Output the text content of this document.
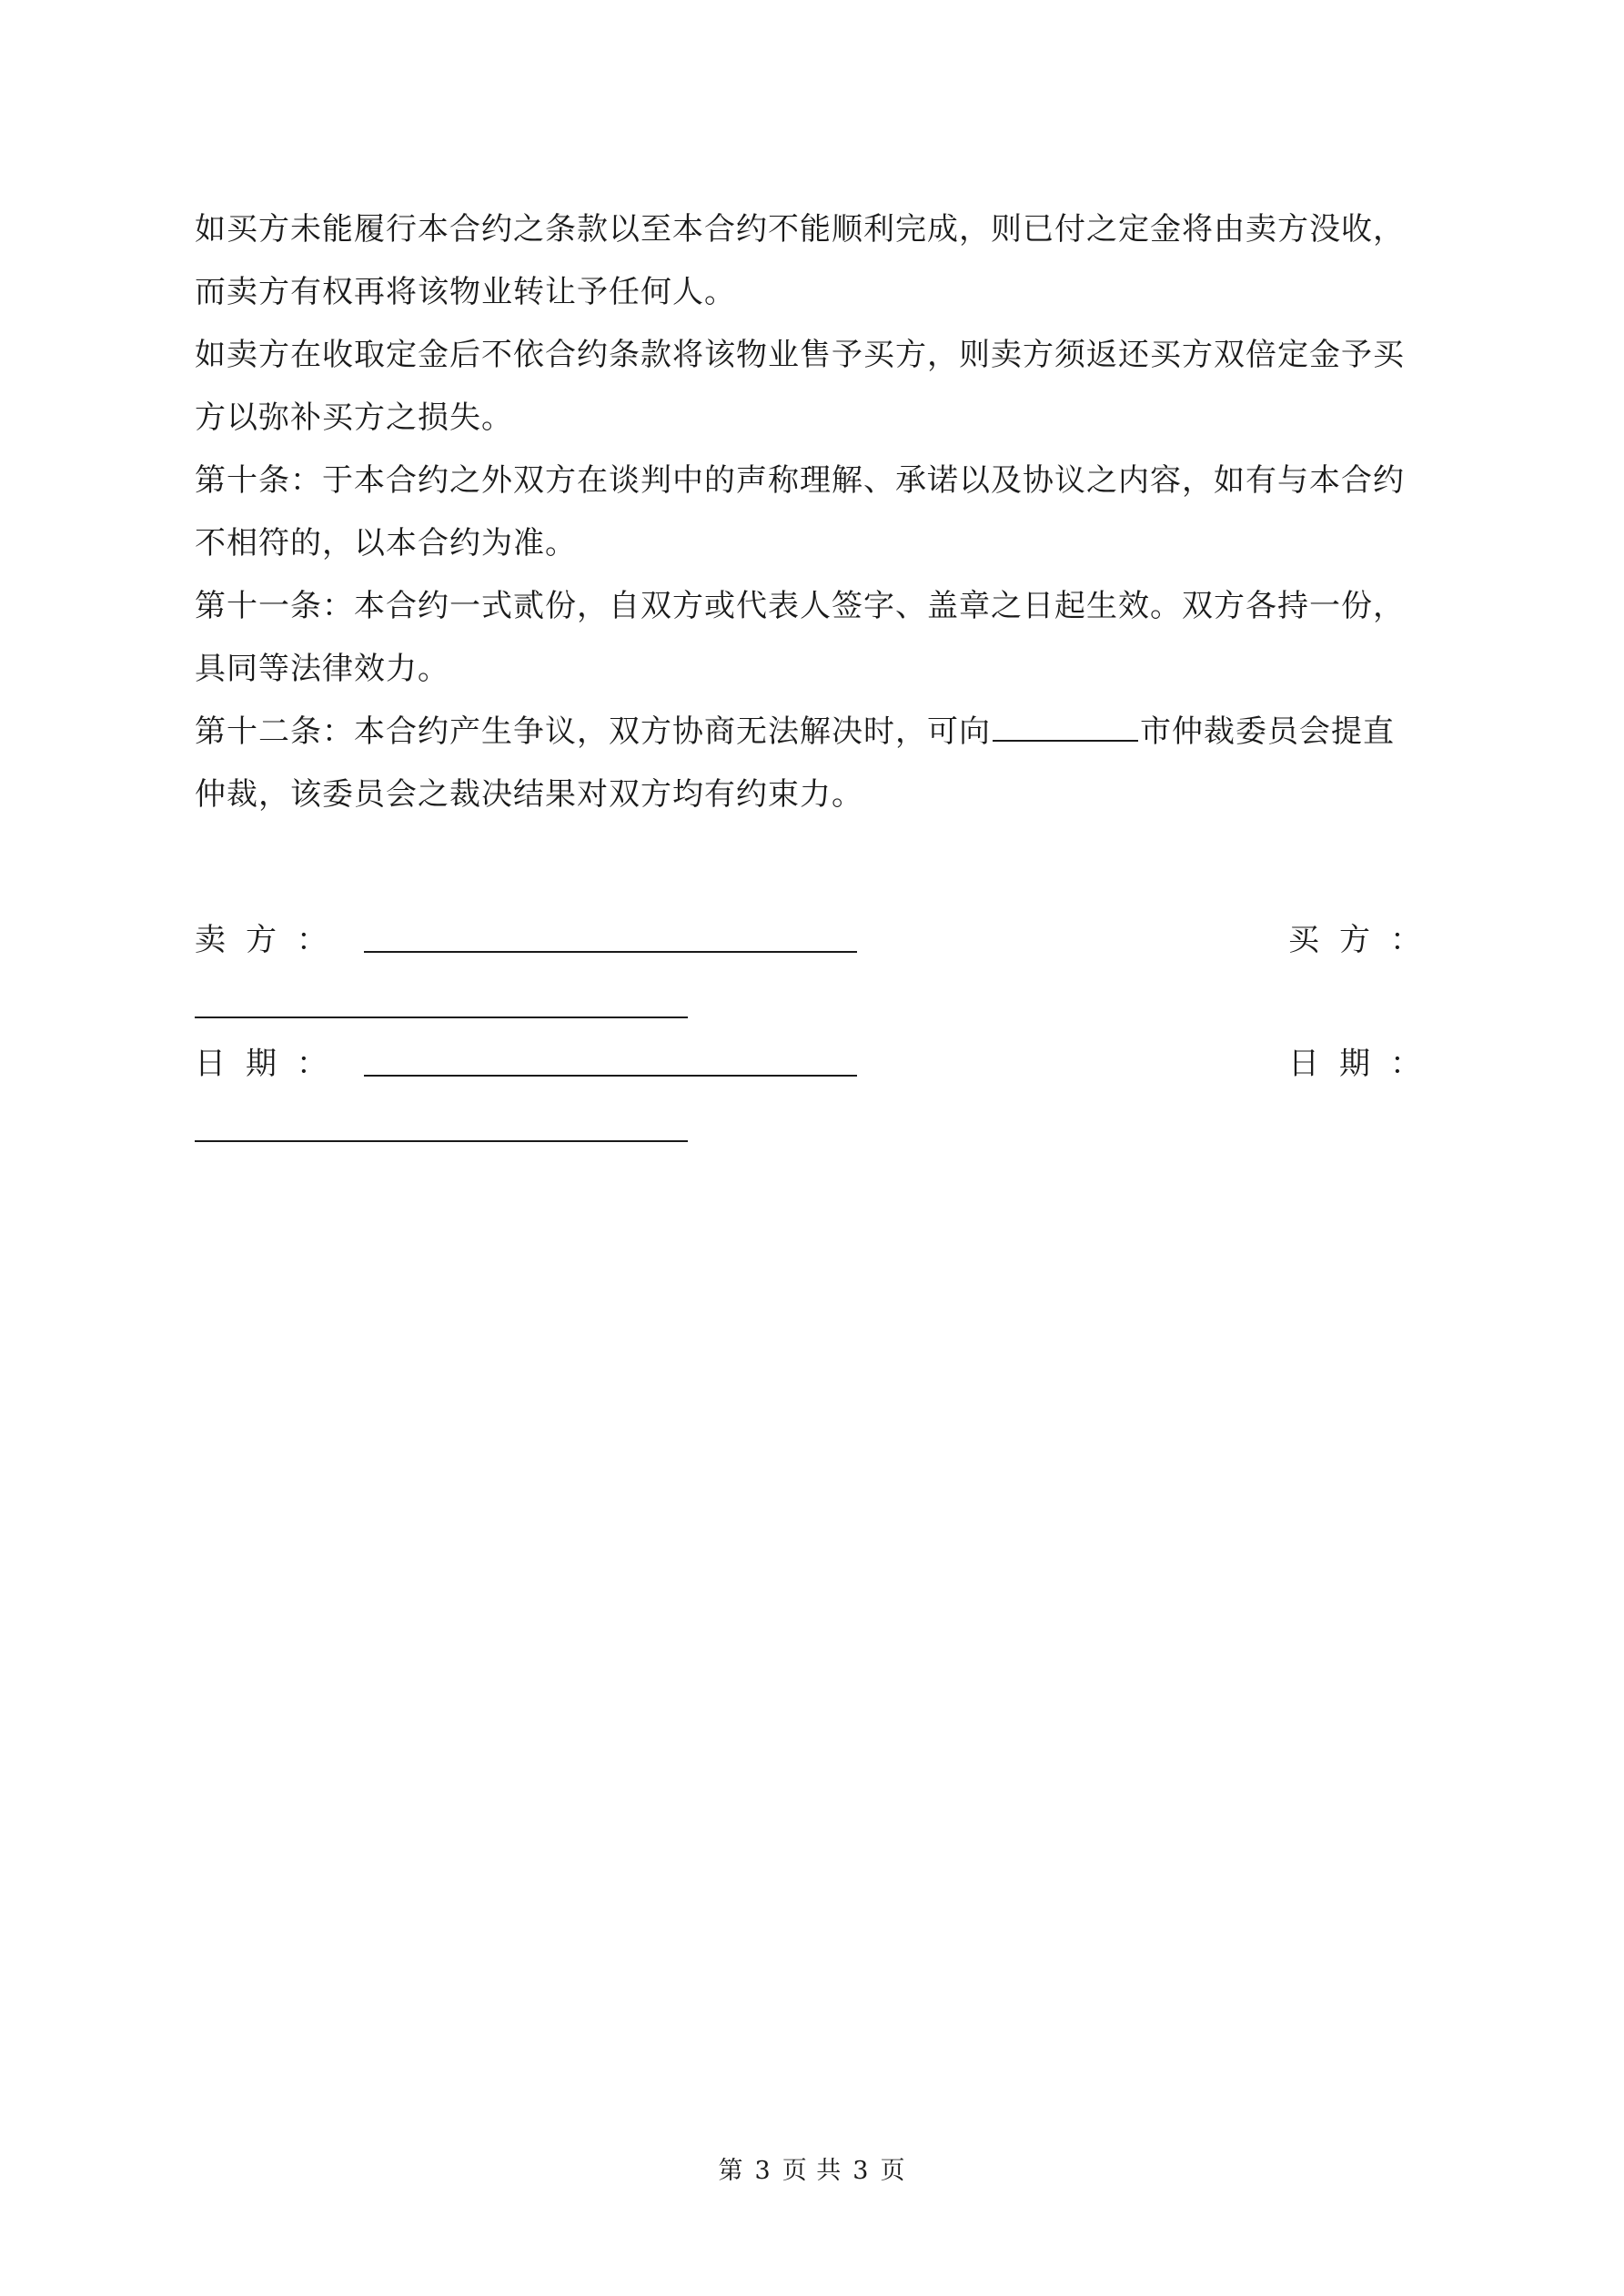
如买方未能履行本合约之条款以至本合约不能顺利完成，则已付之定金将由卖方没收，
而卖方有权再将该物业转让予任何人。
如卖方在收取定金后不依合约条款将该物业售予买方，则卖方须返还买方双倍定金予买
方以弥补买方之损失。
第十条：于本合约之外双方在谈判中的声称理解、承诺以及协议之内容，如有与本合约
不相符的，以本合约为准。
第十一条：本合约一式贰份，自双方或代表人签字、盖章之日起生效。双方各持一份，
具同等法律效力。
第十二条：本合约产生争议，双方协商无法解决时，可向	市仲裁委员会提直
仲裁，该委员会之裁决结果对双方均有约束力。
卖方：	买方：
日期：	日期：
第 3 页 共 3 页
